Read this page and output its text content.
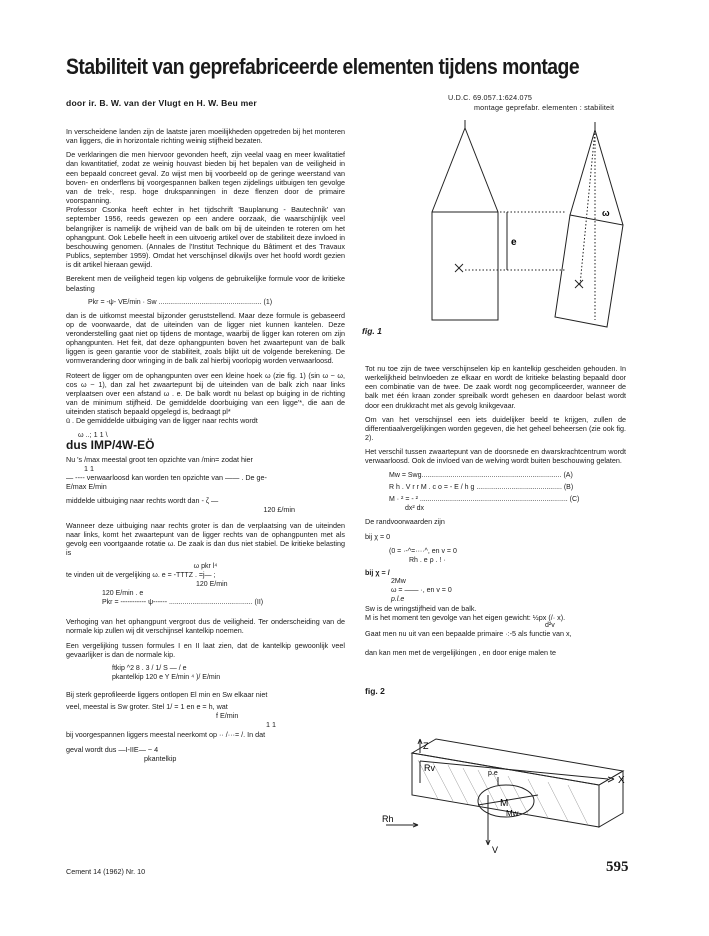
Stabiliteit van geprefabriceerde elementen tijdens montage
door ir. B. W. van der Vlugt en H. W. Beu mer
U.D.C. 69.057.1:624.075
montage geprefabr. elementen : stabiliteit

In verscheidene landen zijn de laatste jaren moeilijkheden opgetreden bij het monteren van liggers, die in horizontale richting weinig stijfheid bezaten.

De verklaringen die men hiervoor gevonden heeft, zijn veelal vaag en meer kwalitatief dan kwantitatief, zodat ze weinig houvast bieden bij het bepalen van de veiligheid in een bepaald concreet geval. Zo wijst men bij voorbeeld op de geringe weerstand van boven- en onderflens bij voorgespannen balken tegen zijdelings uitbuigen ten gevolge van de trek-, resp. hoge drukspanningen in deze flenzen door de primaire voorspanning.

Professor Csonka heeft echter in het tijdschrift 'Bauplanung - Bautechnik' van september 1956, reeds gewezen op een andere oorzaak, die waarschijnlijk veel belangrijker is namelijk de vrijheid van de balk om bij de uiteinden te roteren om het ophangpunt. Ook Lebelle heeft in een uitvoerig artikel over de stabiliteit deze invloed in beschouwing genomen. (Annales de l'Institut Technique du Bâtiment et des Travaux Publics, september 1959). Omdat het verschijnsel dikwijls over het hoofd wordt gezien is dit artikel hieraan gewijd.

Berekent men de veiligheid tegen kip volgens de gebruikelijke formule voor de kritieke belasting

Pkr = -ψ- VE/min · Sw ..................................................... (1)

dan is de uitkomst meestal bijzonder geruststellend. Maar deze formule is gebaseerd op de voorwaarde, dat de uiteinden van de ligger niet kunnen kantelen. Deze veronderstelling gaat niet op tijdens de montage, waarbij de ligger kan roteren om zijn ophangpunten. Het feit, dat deze ophangpunten boven het zwaartepunt van de balk liggen is geen garantie voor de stabiliteit, zoals blijkt uit de volgende berekening. De vormverandering door wringing in de balk zal hierbij voorlopig worden verwaarloosd.

Roteert de ligger om de ophangpunten over een kleine hoek ω (zie fig. 1) (sin ω ~ ω, cos ω ~ 1), dan zal het zwaartepunt bij de uiteinden van de balk zich naar links verplaatsen over een afstand ω . e. De balk wordt nu belast op buiging in de richting van de minimum stijfheid. De gemiddelde doorbuiging van een ligge'*, die aan de uiteinden statisch bepaald opgelegd is, bedraagt pl*

ü . De gemiddelde uitbuiging van de ligger naar rechts wordt
ω ..; 1 1 \
dus IMP/4W-EÖ
Nu 's /max meestal groot ten opzichte van /min= zodat hier
1 1
— ---- verwaarloosd kan worden ten opzichte van —— . De ge-
E/max E/min
middelde uitbuiging naar rechts wordt dan - ζ —
120 £/min

Wanneer deze uitbuiging naar rechts groter is dan de verplaatsing van de uiteinden naar links, komt het zwaartepunt van de ligger rechts van de ophangpunten met als gevolg een voortgaande rotatie ω. De zaak is dan dus niet stabiel. De kritieke belasting is

ω pkr l⁴
te vinden uit de vergelijking ω. e = -TTTZ . =j— ;
120 E/min
120 E/min . e
Pkr = ----------- ψ------ ........................................... (II)

Verhoging van het ophangpunt vergroot dus de veiligheid. Ter onderscheiding van de normale kip zullen wij dit verschijnsel kantelkip noemen.

Een vergelijking tussen formules I en II laat zien, dat de kantelkip gewoonlijk veel gevaarlijker is dan de normale kip.

ftkip ^2 8 . 3 / 1/ S — / e
pkantelkip 120 e Y E/min ⁴ )/ E/min
Bij sterk geprofileerde liggers ontlopen El min en Sw elkaar niet
veel, meestal is Sw groter. Stel 1/ = 1 en e = h, wat
f E/min
1 1
bij voorgespannen liggers meestal neerkomt op ·· /···= /. In dat
geval wordt dus —I-IIE— ~ 4
pkantelkip
e
ω
fig. 1

Tot nu toe zijn de twee verschijnselen kip en kantelkip gescheiden gehouden. In werkelijkheid beïnvloeden ze elkaar en wordt de kritieke belasting bepaald door een combinatie van de twee. De zaak wordt nog gecompliceerder, wanneer de balk met één kraan zonder spreibalk wordt gehesen en daardoor belast wordt door een drukkracht met als gevolg knikgevaar.

Om van het verschijnsel een iets duidelijker beeld te krijgen, zullen de differentiaalvergelijkingen worden gegeven, die het geheel beheersen (zie ook fig. 2).

Het verschil tussen zwaartepunt van de doorsnede en dwarskrachtcentrum wordt verwaarloosd. Ook de invloed van de welving wordt buiten beschouwing gelaten.

Mw = Swg........................................................................ (A)
R h . V r r M . c o = - E / h g ............................................ (B)
M · ² = - ² ............................................................................ (C)
dx² dx
De randvoorwaarden zijn
bij χ = 0
(0 = ·-^=····^, en v = 0
Rh . e ρ . ! ·
bij χ = /
2Mw
ω = —— ·, en v = 0
p.l.e
Sw is de wringstijfheid van de balk.
M is het moment ten gevolge van het eigen gewicht: ½px (/· x).
d²v
Gaat men nu uit van een bepaalde primaire ·:-5 als functie van x,
dan kan men met de vergelijkingen , en door enige malen te
fig. 2
Z
Rv
X
M
Mw
Rh
V
ṗ.e
Cement 14 (1962) Nr. 10	595
